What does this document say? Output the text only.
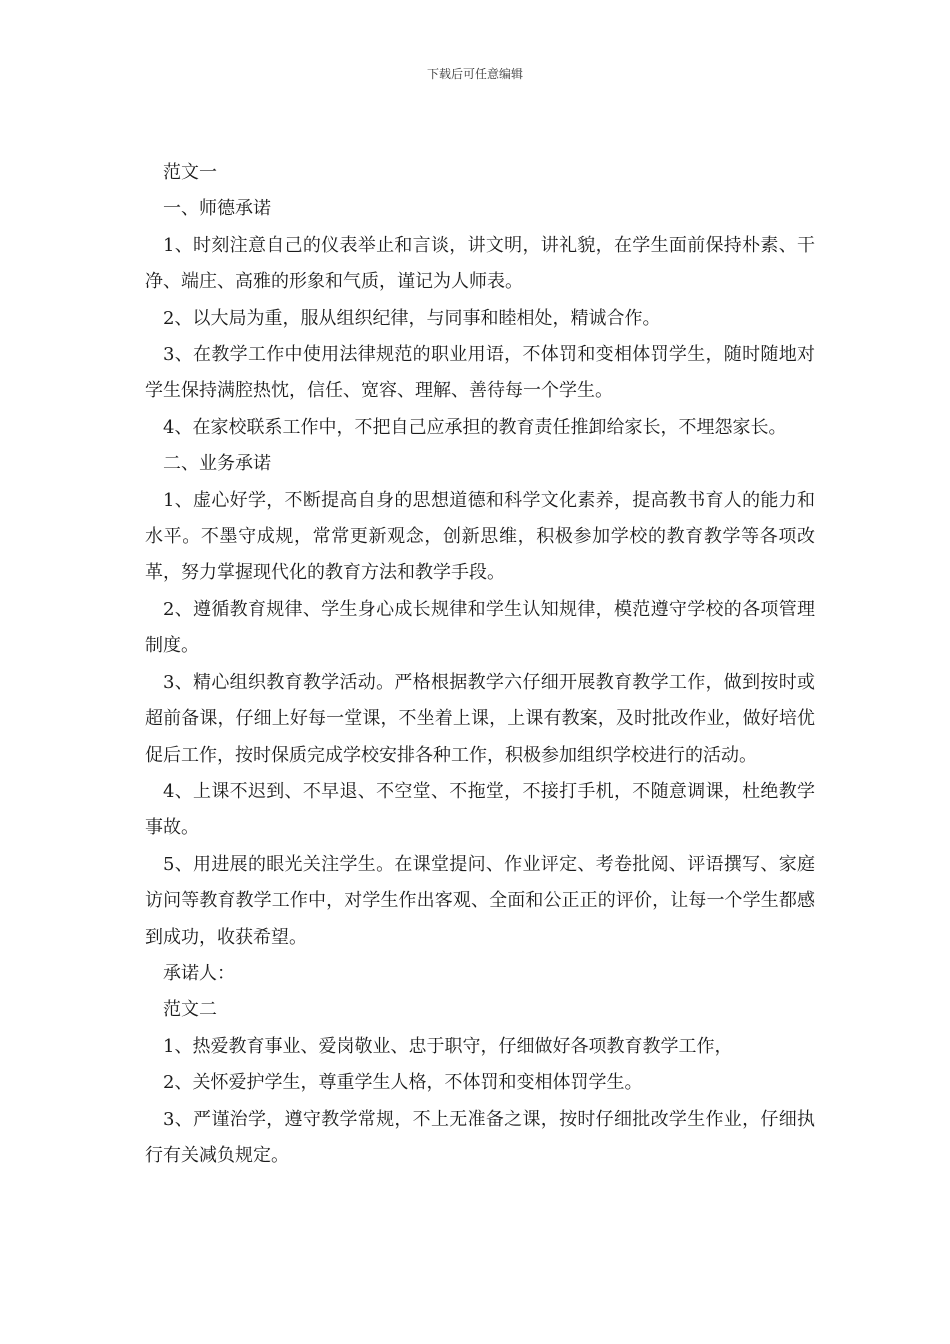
下载后可任意编辑

范文一

一、师德承诺

1、时刻注意自己的仪表举止和言谈，讲文明，讲礼貌，在学生面前保持朴素、干净、端庄、高雅的形象和气质，谨记为人师表。

2、以大局为重，服从组织纪律，与同事和睦相处，精诚合作。

3、在教学工作中使用法律规范的职业用语，不体罚和变相体罚学生，随时随地对学生保持满腔热忱，信任、宽容、理解、善待每一个学生。

4、在家校联系工作中，不把自己应承担的教育责任推卸给家长，不埋怨家长。

二、业务承诺

1、虚心好学，不断提高自身的思想道德和科学文化素养，提高教书育人的能力和水平。不墨守成规，常常更新观念，创新思维，积极参加学校的教育教学等各项改革，努力掌握现代化的教育方法和教学手段。

2、遵循教育规律、学生身心成长规律和学生认知规律，模范遵守学校的各项管理制度。

3、精心组织教育教学活动。严格根据教学六仔细开展教育教学工作，做到按时或超前备课，仔细上好每一堂课，不坐着上课，上课有教案，及时批改作业，做好培优促后工作，按时保质完成学校安排各种工作，积极参加组织学校进行的活动。

4、上课不迟到、不早退、不空堂、不拖堂，不接打手机，不随意调课，杜绝教学事故。

5、用进展的眼光关注学生。在课堂提问、作业评定、考卷批阅、评语撰写、家庭访问等教育教学工作中，对学生作出客观、全面和公正正的评价，让每一个学生都感到成功，收获希望。

承诺人：

范文二

1、热爱教育事业、爱岗敬业、忠于职守，仔细做好各项教育教学工作，

2、关怀爱护学生，尊重学生人格，不体罚和变相体罚学生。

3、严谨治学，遵守教学常规，不上无准备之课，按时仔细批改学生作业，仔细执行有关减负规定。
